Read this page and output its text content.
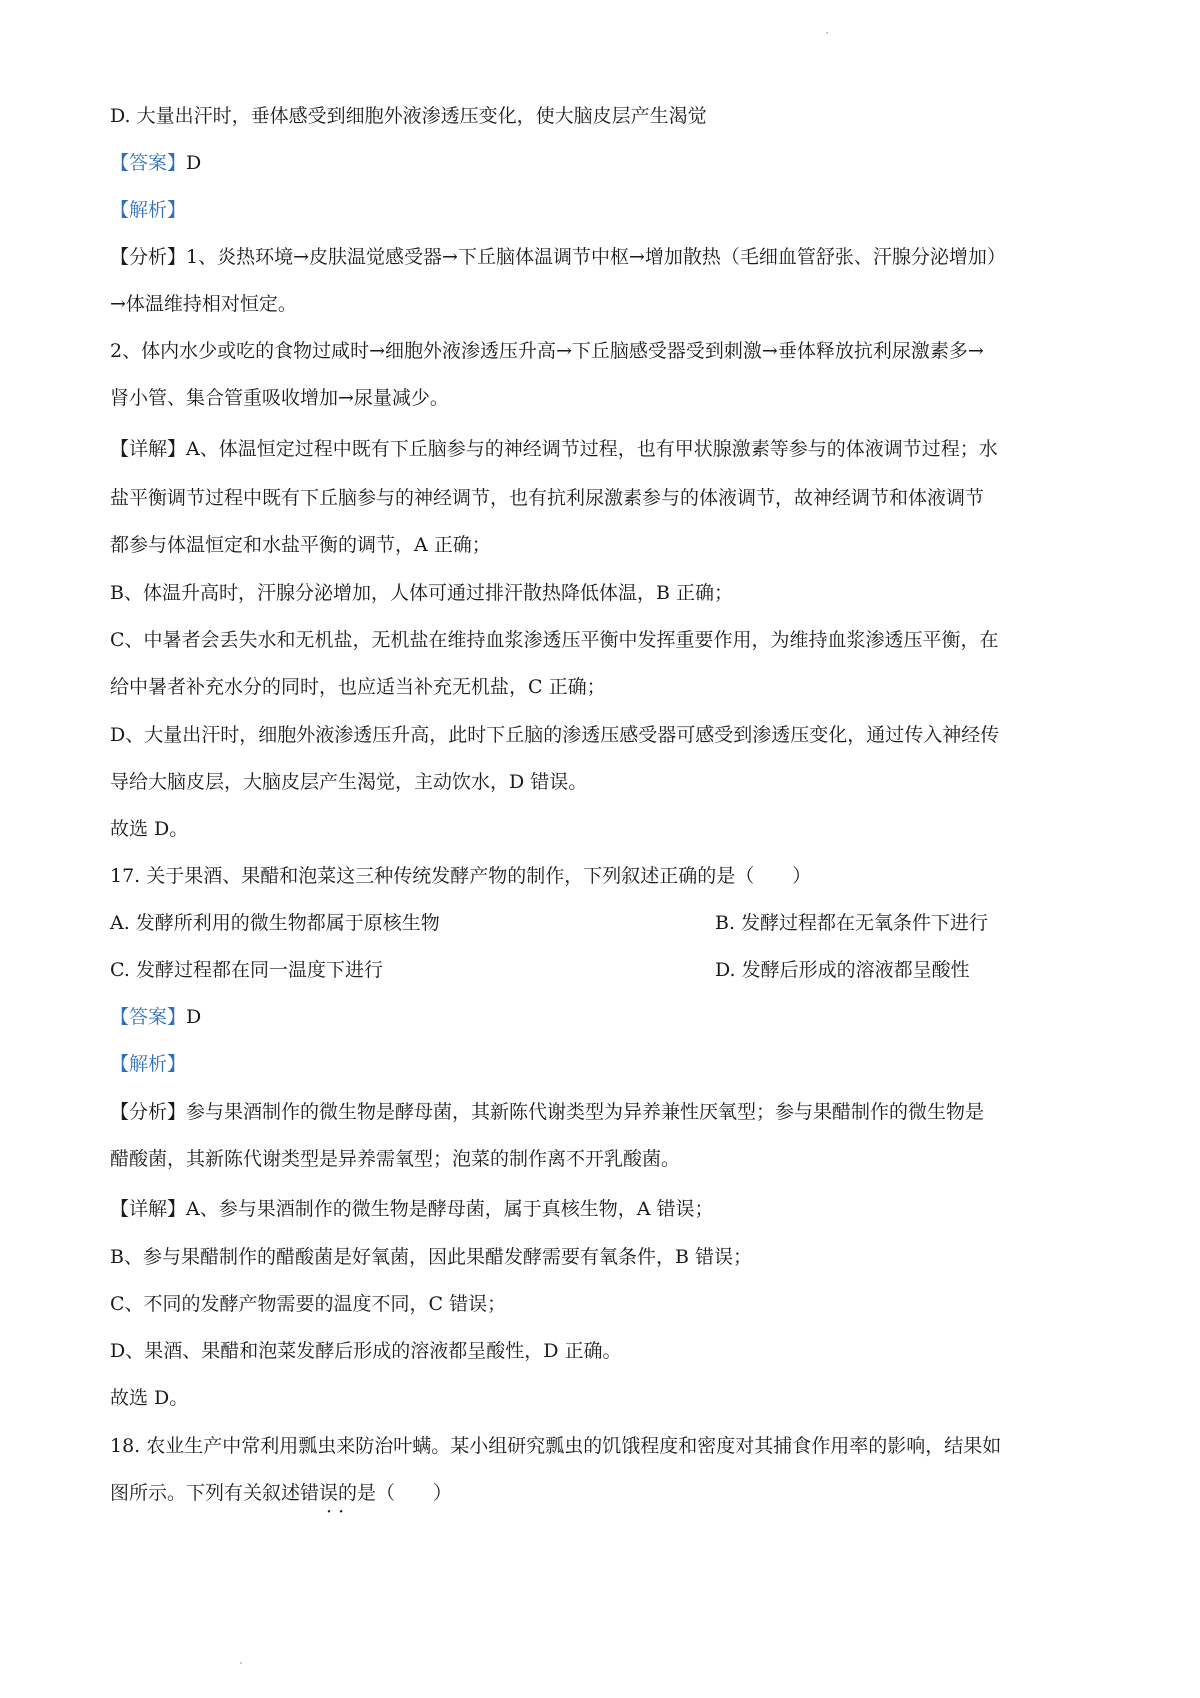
D. 大量出汗时，垂体感受到细胞外液渗透压变化，使大脑皮层产生渴觉
【答案】D
【解析】
【分析】1、炎热环境→皮肤温觉感受器→下丘脑体温调节中枢→增加散热（毛细血管舒张、汗腺分泌增加）
→体温维持相对恒定。
2、体内水少或吃的食物过咸时→细胞外液渗透压升高→下丘脑感受器受到刺激→垂体释放抗利尿激素多→
肾小管、集合管重吸收增加→尿量减少。
【详解】A、体温恒定过程中既有下丘脑参与的神经调节过程，也有甲状腺激素等参与的体液调节过程；水
盐平衡调节过程中既有下丘脑参与的神经调节，也有抗利尿激素参与的体液调节，故神经调节和体液调节
都参与体温恒定和水盐平衡的调节，A 正确；
B、体温升高时，汗腺分泌增加，人体可通过排汗散热降低体温，B 正确；
C、中暑者会丢失水和无机盐，无机盐在维持血浆渗透压平衡中发挥重要作用，为维持血浆渗透压平衡，在
给中暑者补充水分的同时，也应适当补充无机盐，C 正确；
D、大量出汗时，细胞外液渗透压升高，此时下丘脑的渗透压感受器可感受到渗透压变化，通过传入神经传
导给大脑皮层，大脑皮层产生渴觉，主动饮水，D 错误。
故选 D。
17. 关于果酒、果醋和泡菜这三种传统发酵产物的制作，下列叙述正确的是（　　）
A. 发酵所利用的微生物都属于原核生物	B. 发酵过程都在无氧条件下进行
C. 发酵过程都在同一温度下进行	D. 发酵后形成的溶液都呈酸性
【答案】D
【解析】
【分析】参与果酒制作的微生物是酵母菌，其新陈代谢类型为异养兼性厌氧型；参与果醋制作的微生物是
醋酸菌，其新陈代谢类型是异养需氧型；泡菜的制作离不开乳酸菌。
【详解】A、参与果酒制作的微生物是酵母菌，属于真核生物，A 错误；
B、参与果醋制作的醋酸菌是好氧菌，因此果醋发酵需要有氧条件，B 错误；
C、不同的发酵产物需要的温度不同，C 错误；
D、果酒、果醋和泡菜发酵后形成的溶液都呈酸性，D 正确。
故选 D。
18. 农业生产中常利用瓢虫来防治叶螨。某小组研究瓢虫的饥饿程度和密度对其捕食作用率的影响，结果如
图所示。下列有关叙述错误的是（　　）
· ·
